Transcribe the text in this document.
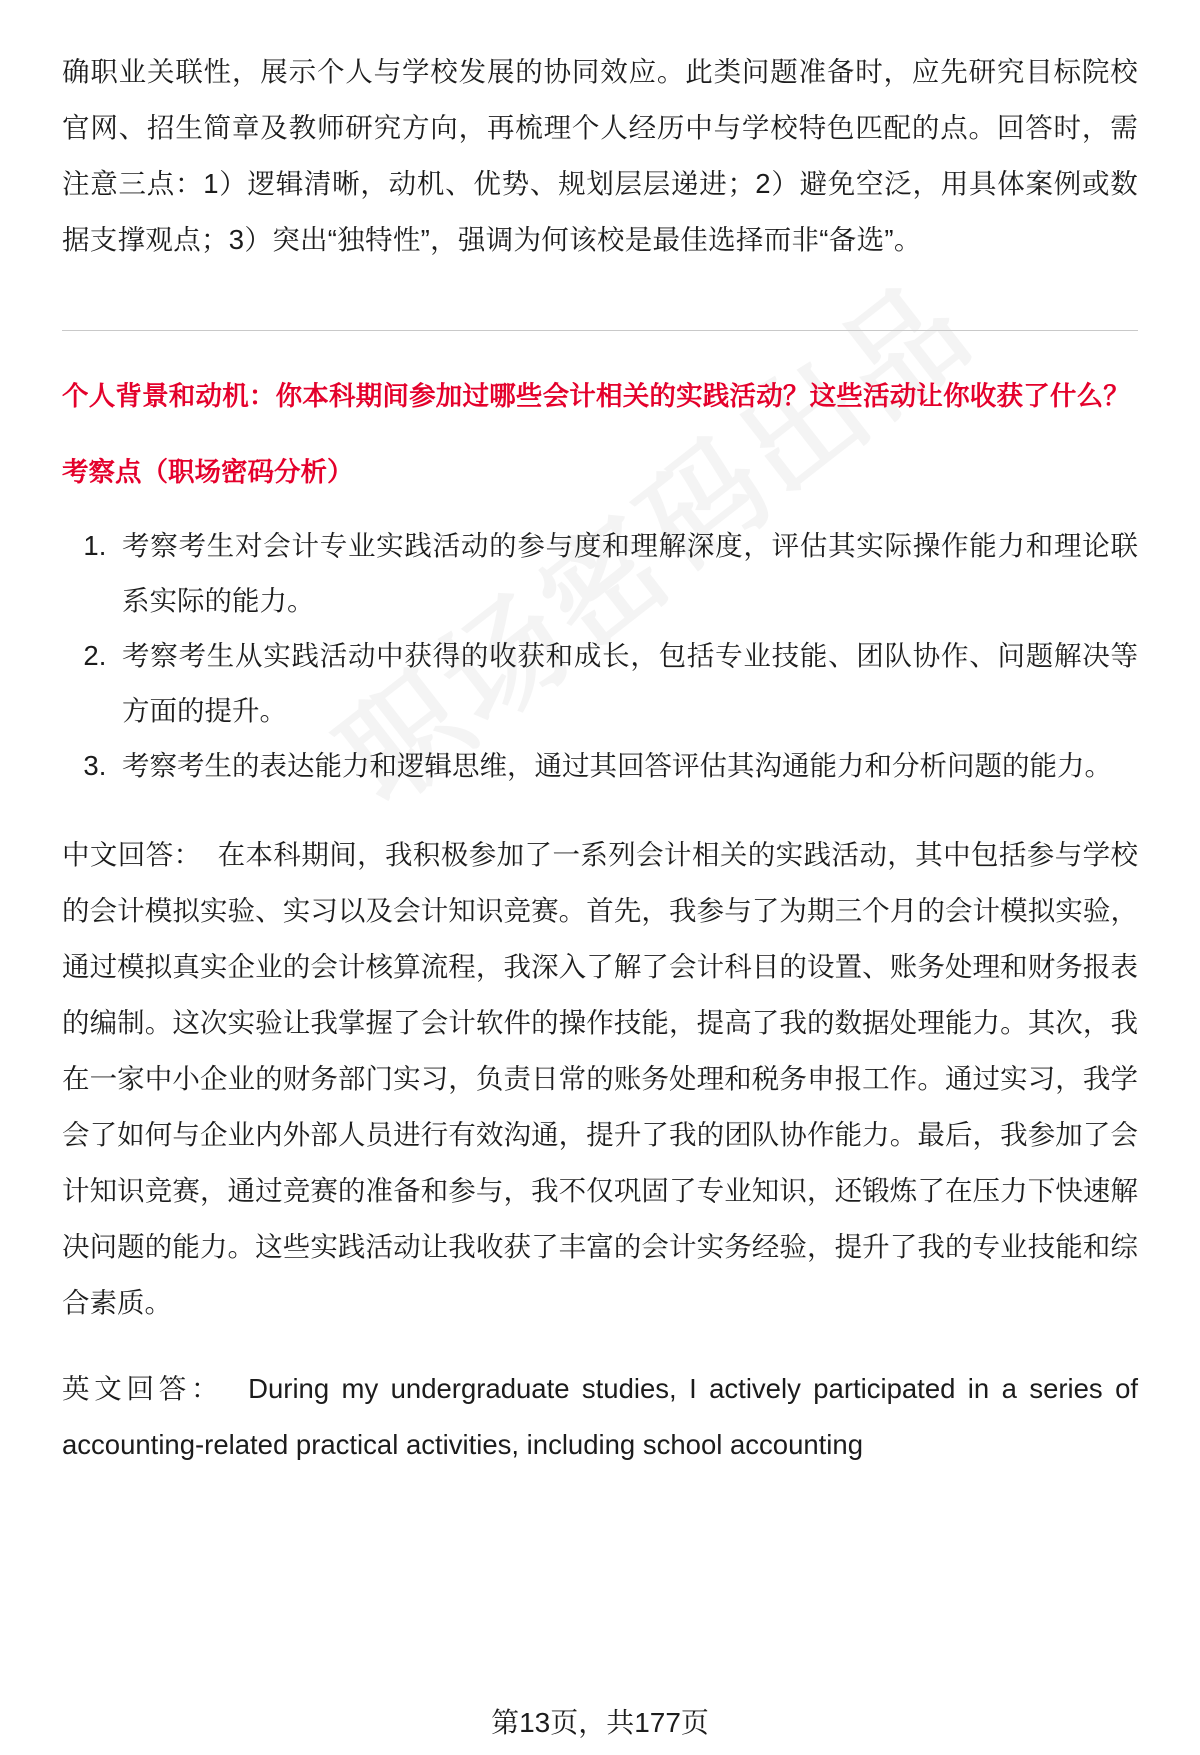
确职业关联性，展示个人与学校发展的协同效应。此类问题准备时，应先研究目标院校官网、招生简章及教师研究方向，再梳理个人经历中与学校特色匹配的点。回答时，需注意三点：1）逻辑清晰，动机、优势、规划层层递进；2）避免空泛，用具体案例或数据支撑观点；3）突出“独特性”，强调为何该校是最佳选择而非“备选”。

个人背景和动机：你本科期间参加过哪些会计相关的实践活动？这些活动让你收获了什么？
考察点（职场密码分析）
1. 考察考生对会计专业实践活动的参与度和理解深度，评估其实际操作能力和理论联系实际的能力。
2. 考察考生从实践活动中获得的收获和成长，包括专业技能、团队协作、问题解决等方面的提升。
3. 考察考生的表达能力和逻辑思维，通过其回答评估其沟通能力和分析问题的能力。

中文回答： 在本科期间，我积极参加了一系列会计相关的实践活动，其中包括参与学校的会计模拟实验、实习以及会计知识竞赛。首先，我参与了为期三个月的会计模拟实验，通过模拟真实企业的会计核算流程，我深入了解了会计科目的设置、账务处理和财务报表的编制。这次实验让我掌握了会计软件的操作技能，提高了我的数据处理能力。其次，我在一家中小企业的财务部门实习，负责日常的账务处理和税务申报工作。通过实习，我学会了如何与企业内外部人员进行有效沟通，提升了我的团队协作能力。最后，我参加了会计知识竞赛，通过竞赛的准备和参与，我不仅巩固了专业知识，还锻炼了在压力下快速解决问题的能力。这些实践活动让我收获了丰富的会计实务经验，提升了我的专业技能和综合素质。

英文回答： During my undergraduate studies, I actively participated in a series of accounting-related practical activities, including school accounting

第13页，共177页
